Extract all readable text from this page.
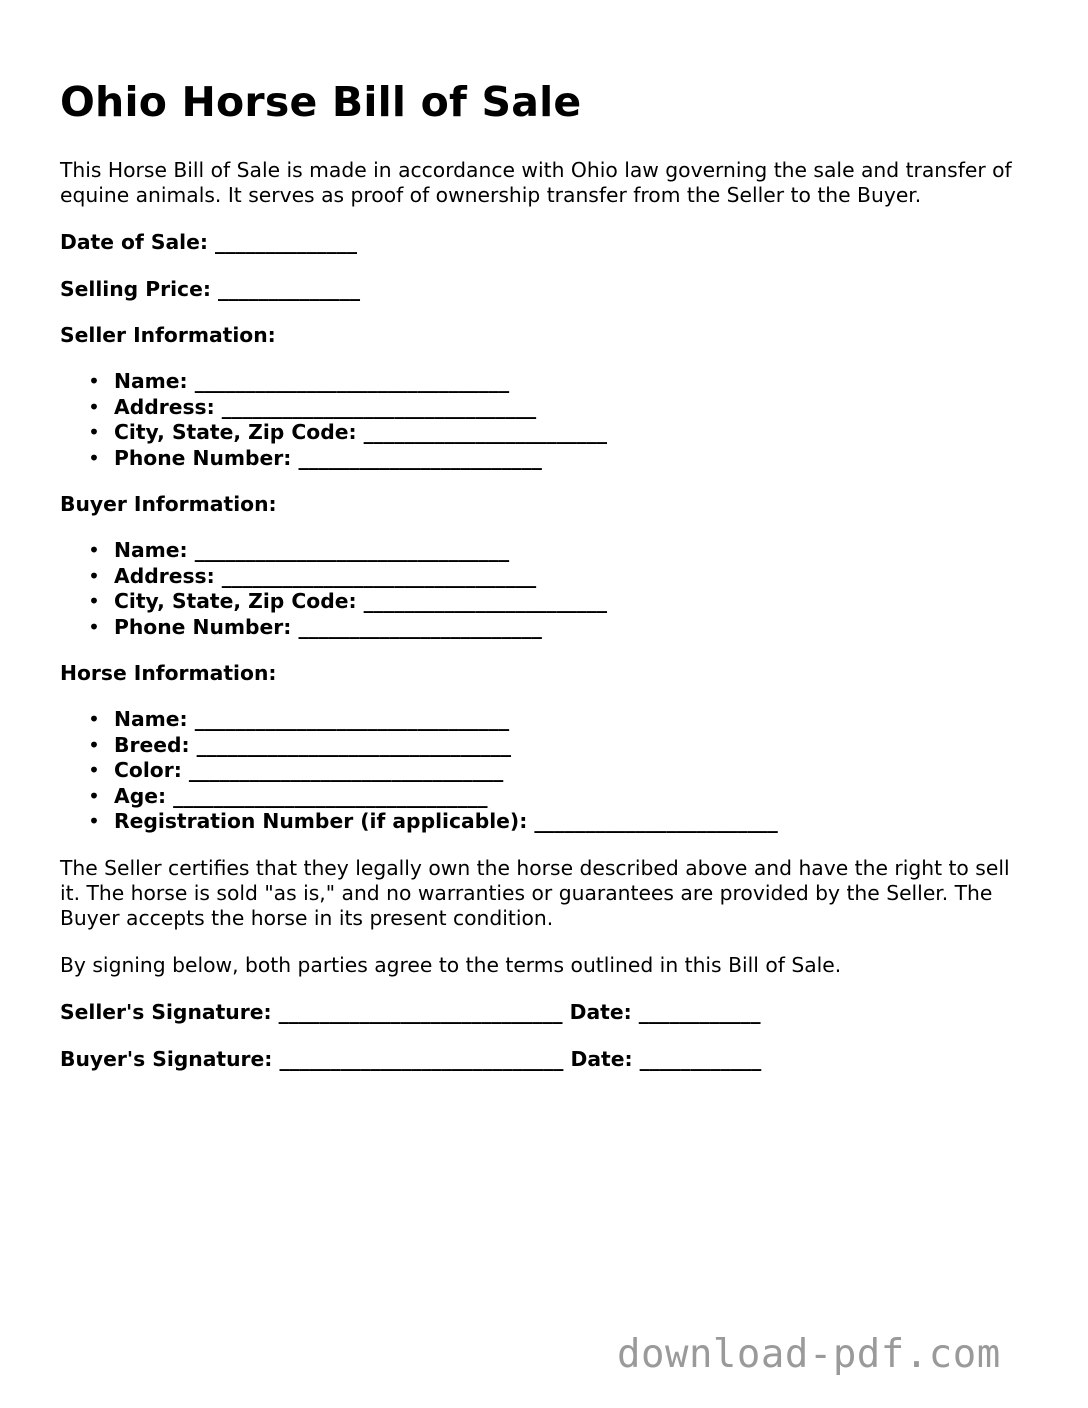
Ohio Horse Bill of Sale

This Horse Bill of Sale is made in accordance with Ohio law governing the sale and transfer of equine animals. It serves as proof of ownership transfer from the Seller to the Buyer.

Date of Sale: ______________

Selling Price: ______________

Seller Information:

• Name: _______________________________
• Address: _______________________________
• City, State, Zip Code: ________________________
• Phone Number: ________________________

Buyer Information:

• Name: _______________________________
• Address: _______________________________
• City, State, Zip Code: ________________________
• Phone Number: ________________________

Horse Information:

• Name: _______________________________
• Breed: _______________________________
• Color: _______________________________
• Age: _______________________________
• Registration Number (if applicable): ________________________

The Seller certifies that they legally own the horse described above and have the right to sell it. The horse is sold "as is," and no warranties or guarantees are provided by the Seller. The Buyer accepts the horse in its present condition.

By signing below, both parties agree to the terms outlined in this Bill of Sale.

Seller's Signature: ____________________________ Date: ____________

Buyer's Signature: ____________________________ Date: ____________

download-pdf.com
